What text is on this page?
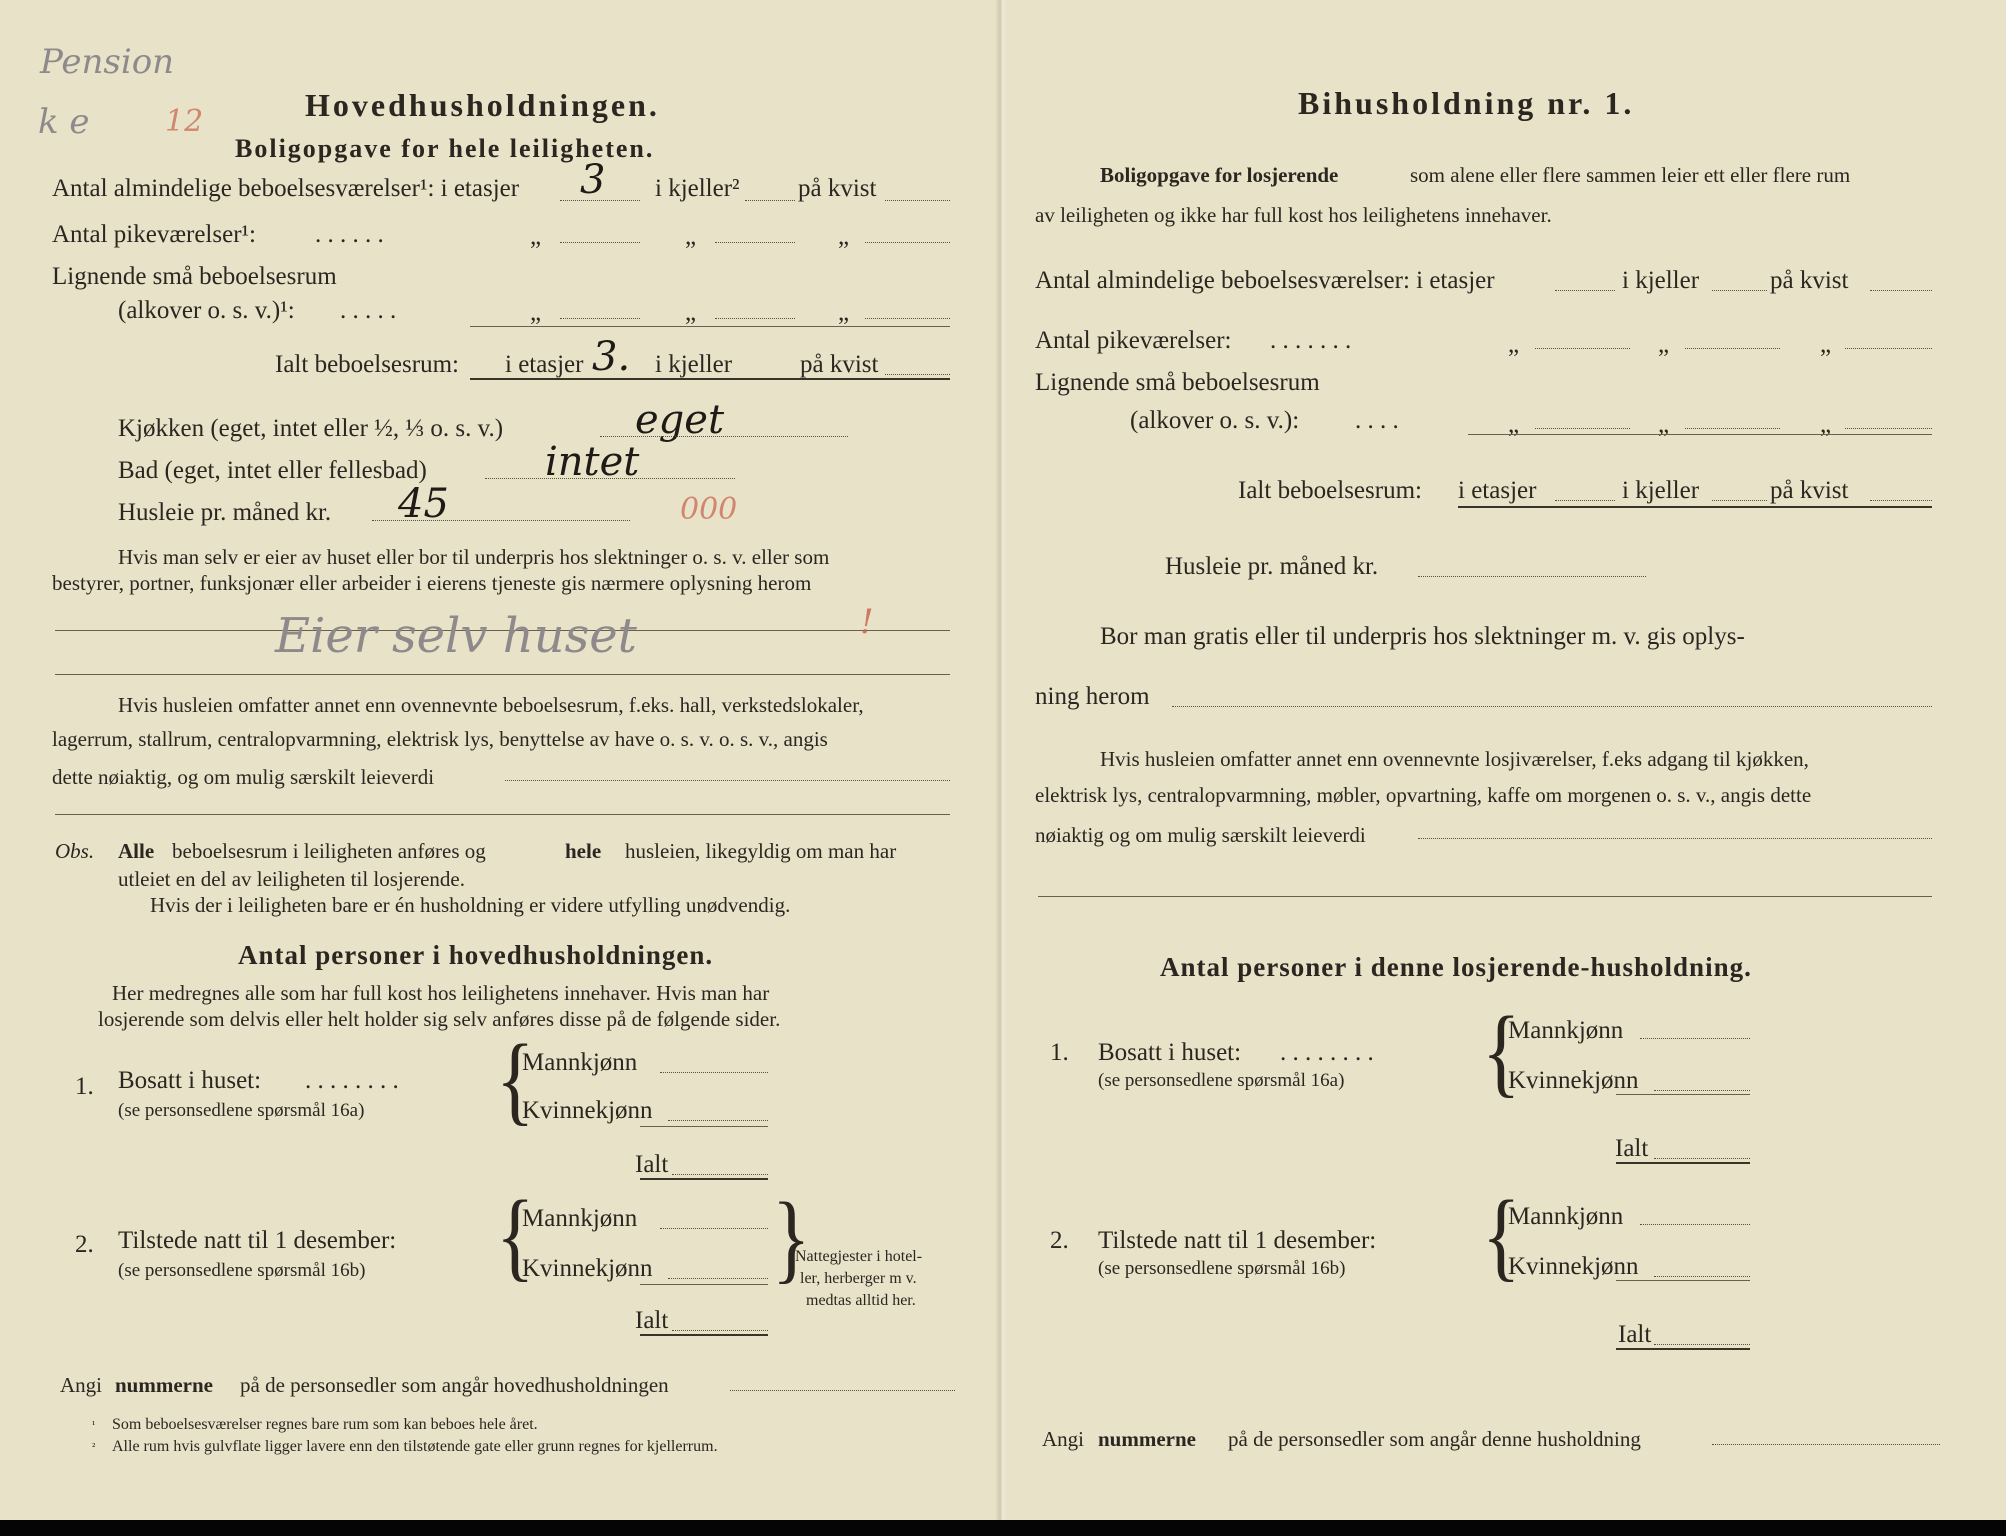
Pension
k e	12	Hovedhusholdningen.
Boligopgave for hele leiligheten.
Antal almindelige beboelsesværelser¹: i etasjer 3 i kjeller² på kvist
Antal pikeværelser¹: . . . . . .	„	„	„
Lignende små beboelsesrum
(alkover o. s. v.)¹: . . . . .	„	„	„
Ialt beboelsesrum: i etasjer 3. i kjeller	på kvist
Kjøkken (eget, intet eller ½, ⅓ o. s. v.)	eget
Bad (eget, intet eller fellesbad)	intet
Husleie pr. måned kr. 45	000
Hvis man selv er eier av huset eller bor til underpris hos slektninger o. s. v. eller som
bestyrer, portner, funksjonær eller arbeider i eierens tjeneste gis nærmere oplysning herom
Eier selv huset	!
Hvis husleien omfatter annet enn ovennevnte beboelsesrum, f.eks. hall, verkstedslokaler,
lagerrum, stallrum, centralopvarmning, elektrisk lys, benyttelse av have o. s. v. o. s. v., angis
dette nøiaktig, og om mulig særskilt leieverdi
Obs. Alle beboelsesrum i leiligheten anføres og	hele husleien, likegyldig om man har
utleiet en del av leiligheten til losjerende.
Hvis der i leiligheten bare er én husholdning er videre utfylling unødvendig.
Antal personer i hovedhusholdningen.
Her medregnes alle som har full kost hos leilighetens innehaver. Hvis man har
losjerende som delvis eller helt holder sig selv anføres disse på de følgende sider.
1. Bosatt i huset: . . . . . . . .
(se personsedlene spørsmål 16a) {
Mannkjønn
Kvinnekjønn
Ialt
2. Tilstede natt til 1 desember:
(se personsedlene spørsmål 16b) {
Mannkjønn
Kvinnekjønn
Ialt
}
Nattegjester i hotel-
ler, herberger m v.
medtas alltid her.
Angi nummerne på de personsedler som angår hovedhusholdningen
¹ Som beboelsesværelser regnes bare rum som kan beboes hele året.
² Alle rum hvis gulvflate ligger lavere enn den tilstøtende gate eller grunn regnes for kjellerrum.
Bihusholdning nr. 1.
Boligopgave for losjerende	som alene eller flere sammen leier ett eller flere rum
av leiligheten og ikke har full kost hos leilighetens innehaver.
Antal almindelige beboelsesværelser: i etasjer	i kjeller	på kvist
Antal pikeværelser: . . . . . . .	„	„	„
Lignende små beboelsesrum
(alkover o. s. v.): . . . .	„	„	„
Ialt beboelsesrum: i etasjer	i kjeller	på kvist
Husleie pr. måned kr.
Bor man gratis eller til underpris hos slektninger m. v. gis oplys-
ning herom
Hvis husleien omfatter annet enn ovennevnte losjiværelser, f.eks adgang til kjøkken,
elektrisk lys, centralopvarmning, møbler, opvartning, kaffe om morgenen o. s. v., angis dette
nøiaktig og om mulig særskilt leieverdi
Antal personer i denne losjerende-husholdning.
1. Bosatt i huset: . . . . . . . .
(se personsedlene spørsmål 16a) {
Mannkjønn
Kvinnekjønn
Ialt
2. Tilstede natt til 1 desember:
(se personsedlene spørsmål 16b) {
Mannkjønn
Kvinnekjønn
Ialt
Angi nummerne på de personsedler som angår denne husholdning
